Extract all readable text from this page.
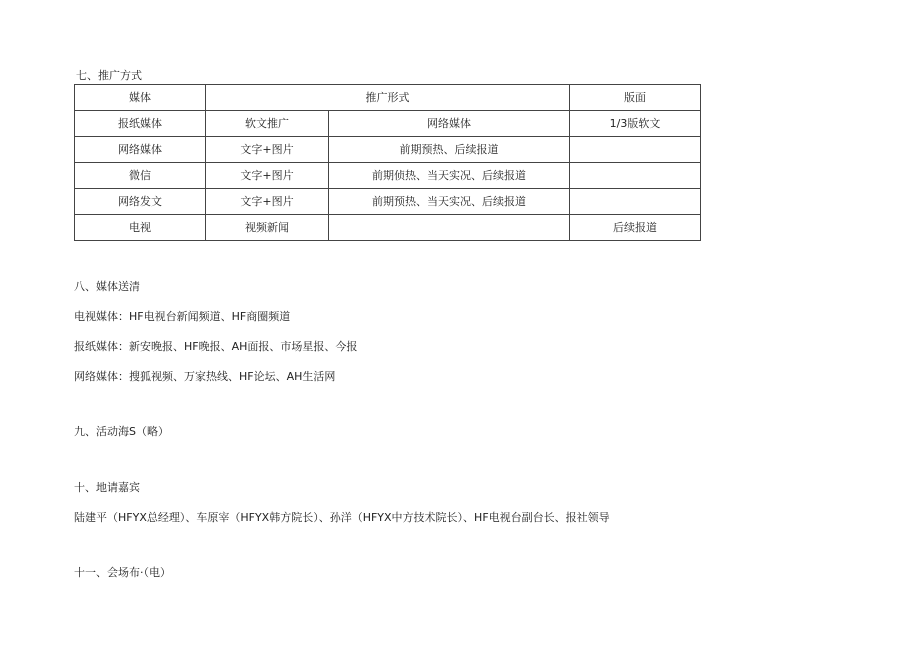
七、推广方式
媒体	推广形式		版面
报纸媒体	软文推广	网络媒体	1/3版软文
网络媒体	文字+图片	前期预热、后续报道	
微信	文字+图片	前期侦热、当天实况、后续报道	
网络发文	文字+图片	前期预热、当天实况、后续报道	
电视	视频新闻		后续报道
八、媒体送清
电视媒体：HF电视台新闻频道、HF商圈频道
报纸媒体：新安晚报、HF晚报、AH面报、市场星报、今报
网络媒体：搜狐视频、万家热线、HF论坛、AH生活网
九、活动海S（略）
十、地请嘉宾
陆建平（HFYX总经理）、车原宰（HFYX韩方院长）、孙洋（HFYX中方技术院长）、HF电视台副台长、报社领导
十一、会场布·（电）
